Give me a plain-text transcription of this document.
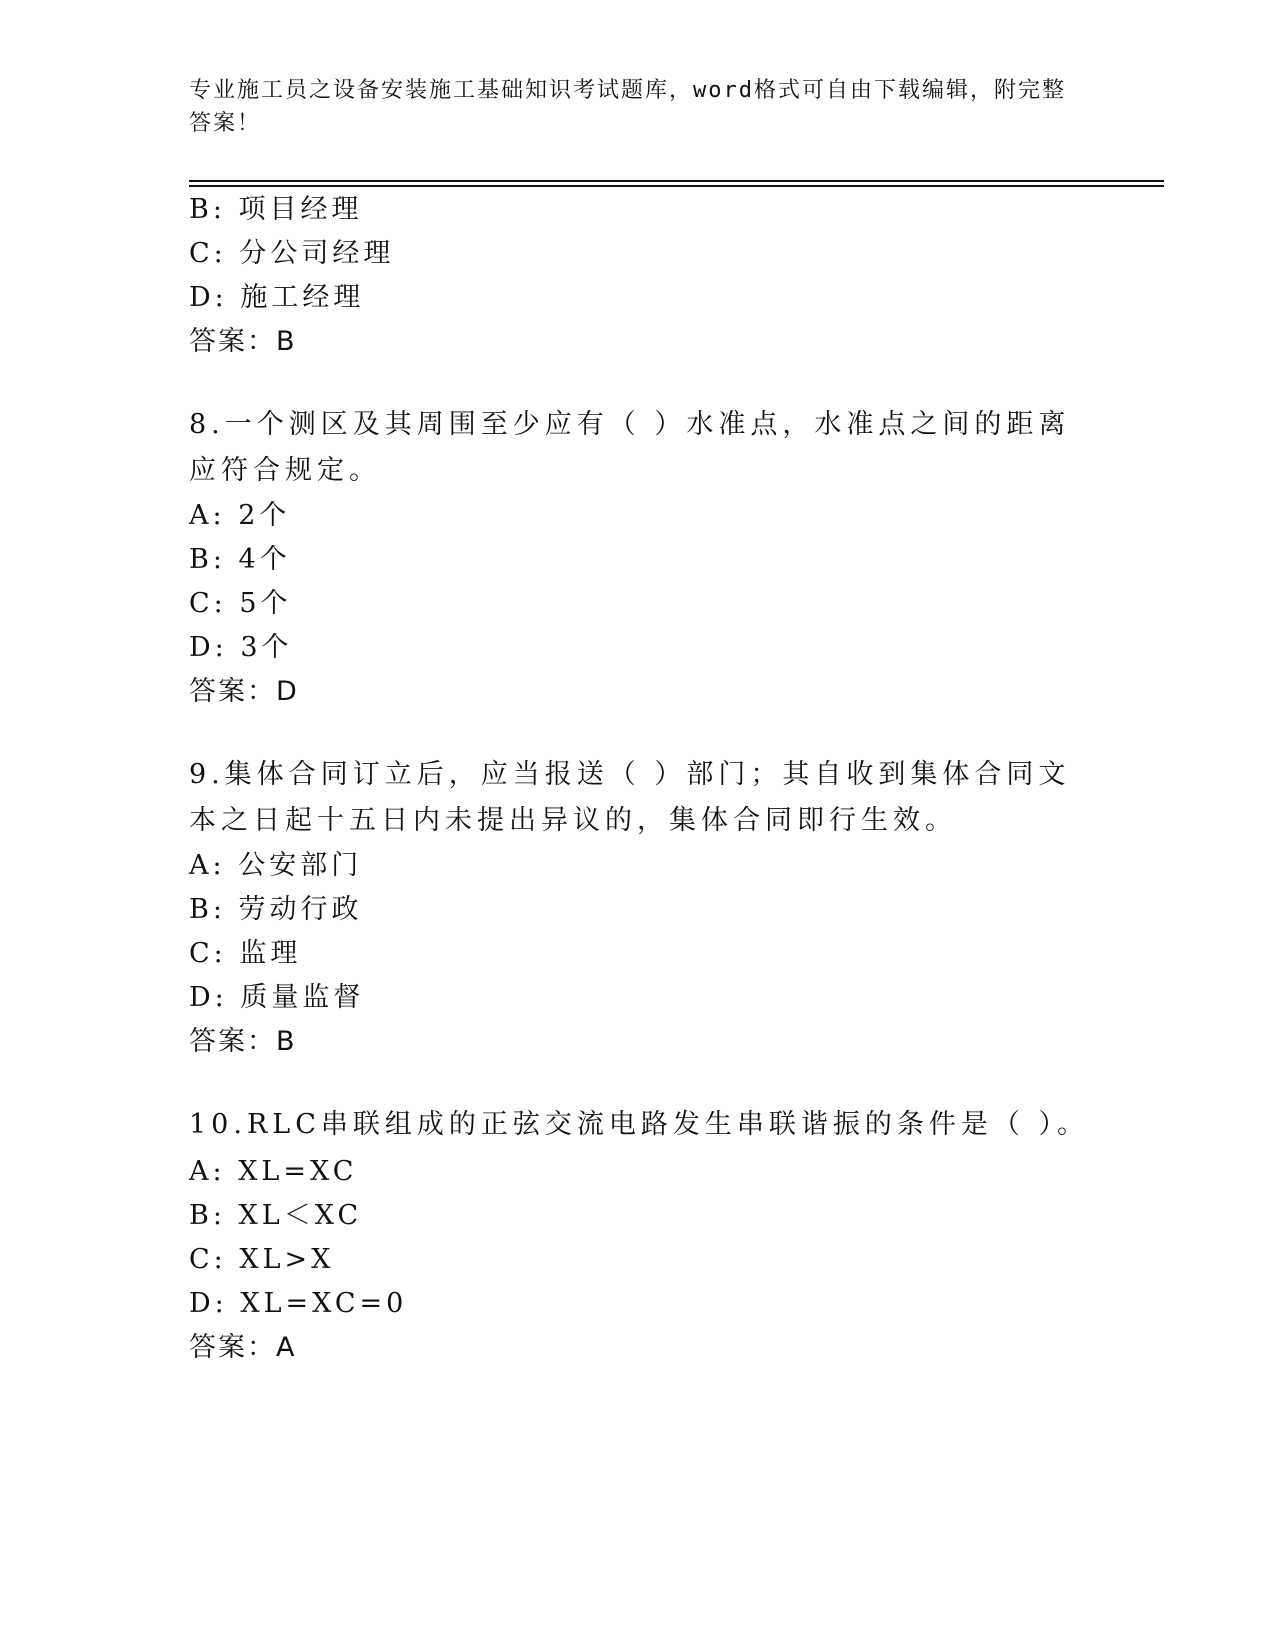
专业施工员之设备安装施工基础知识考试题库，word格式可自由下载编辑，附完整答案！
B: 项目经理
C: 分公司经理
D: 施工经理
答案：B
8.一个测区及其周围至少应有（ ）水准点，水准点之间的距离应符合规定。
A: 2个
B: 4个
C: 5个
D: 3个
答案：D
9.集体合同订立后，应当报送（ ）部门；其自收到集体合同文本之日起十五日内未提出异议的，集体合同即行生效。
A: 公安部门
B: 劳动行政
C: 监理
D: 质量监督
答案：B
10.RLC串联组成的正弦交流电路发生串联谐振的条件是（ ）。
A: XL=XC
B: XL＜XC
C: XL>X
D: XL=XC=0
答案：A
